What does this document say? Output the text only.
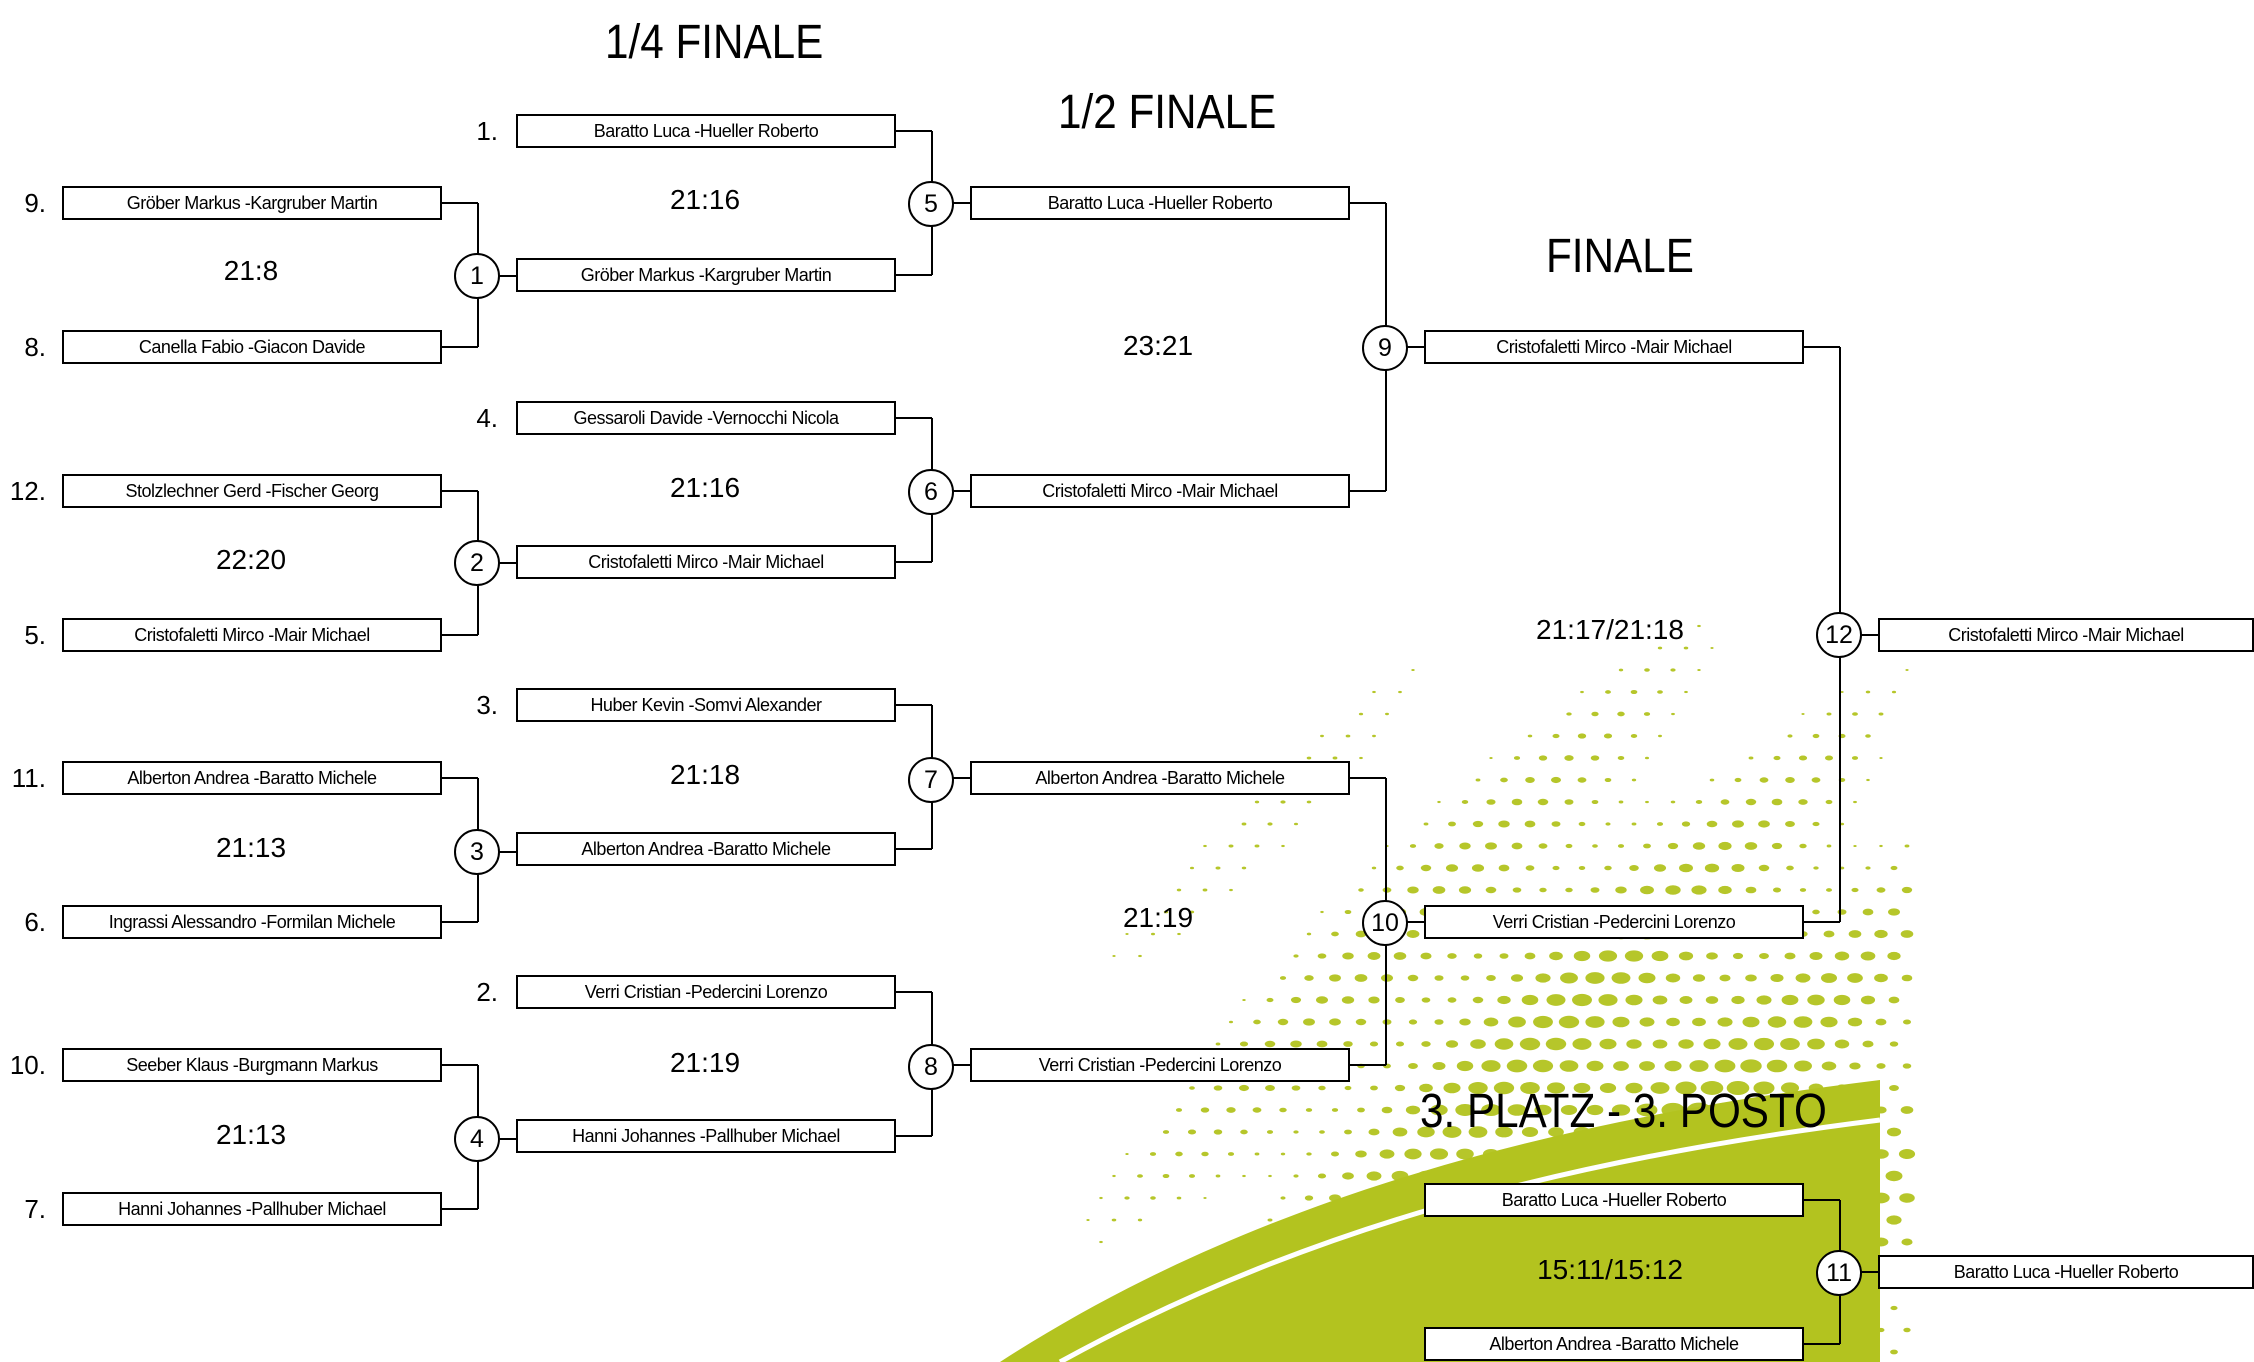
1/4 FINALE
1/2 FINALE
FINALE
3. PLATZ - 3. POSTO
9.
8.
12.
5.
11.
6.
10.
7.
1.
4.
3.
2.
Gröber Markus -Kargruber Martin
Canella Fabio -Giacon Davide
Stolzlechner Gerd -Fischer Georg
Cristofaletti Mirco -Mair Michael
Alberton Andrea -Baratto Michele
Ingrassi Alessandro -Formilan Michele
Seeber Klaus -Burgmann Markus
Hanni Johannes -Pallhuber Michael
Baratto Luca -Hueller Roberto
Gröber Markus -Kargruber Martin
Gessaroli Davide -Vernocchi Nicola
Cristofaletti Mirco -Mair Michael
Huber Kevin -Somvi Alexander
Alberton Andrea -Baratto Michele
Verri Cristian -Pedercini Lorenzo
Hanni Johannes -Pallhuber Michael
Baratto Luca -Hueller Roberto
Cristofaletti Mirco -Mair Michael
Alberton Andrea -Baratto Michele
Verri Cristian -Pedercini Lorenzo
Cristofaletti Mirco -Mair Michael
Verri Cristian -Pedercini Lorenzo
Cristofaletti Mirco -Mair Michael
Baratto Luca -Hueller Roberto
Alberton Andrea -Baratto Michele
Baratto Luca -Hueller Roberto
21:8
22:20
21:13
21:13
21:16
21:16
21:18
21:19
23:21
21:19
21:17/21:18
15:11/15:12
1
2
3
4
5
6
7
8
9
10
12
11
